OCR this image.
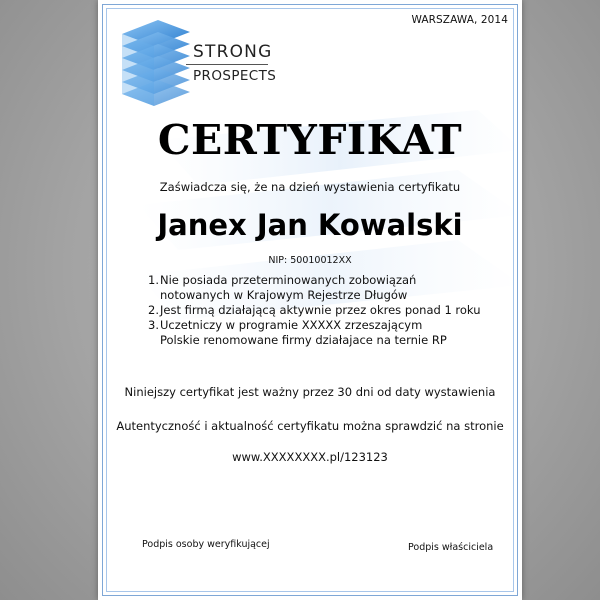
WARSZAWA, 2014
STRONG
PROSPECTS
CERTYFIKAT
Zaświadcza się, że na dzień wystawienia certyfikatu
Janex Jan Kowalski
NIP: 50010012XX
1. Nie posiada przeterminowanych zobowiązań
notowanych w Krajowym Rejestrze Długów
2. Jest firmą działającą aktywnie przez okres ponad 1 roku
3. Uczetniczy w programie XXXXX zrzeszającym
Polskie renomowane firmy działajace na ternie RP
Niniejszy certyfikat jest ważny przez 30 dni od daty wystawienia
Autentyczność i aktualność certyfikatu można sprawdzić na stronie
www.XXXXXXXX.pl/123123
Podpis osoby weryfikującej	Podpis właściciela
